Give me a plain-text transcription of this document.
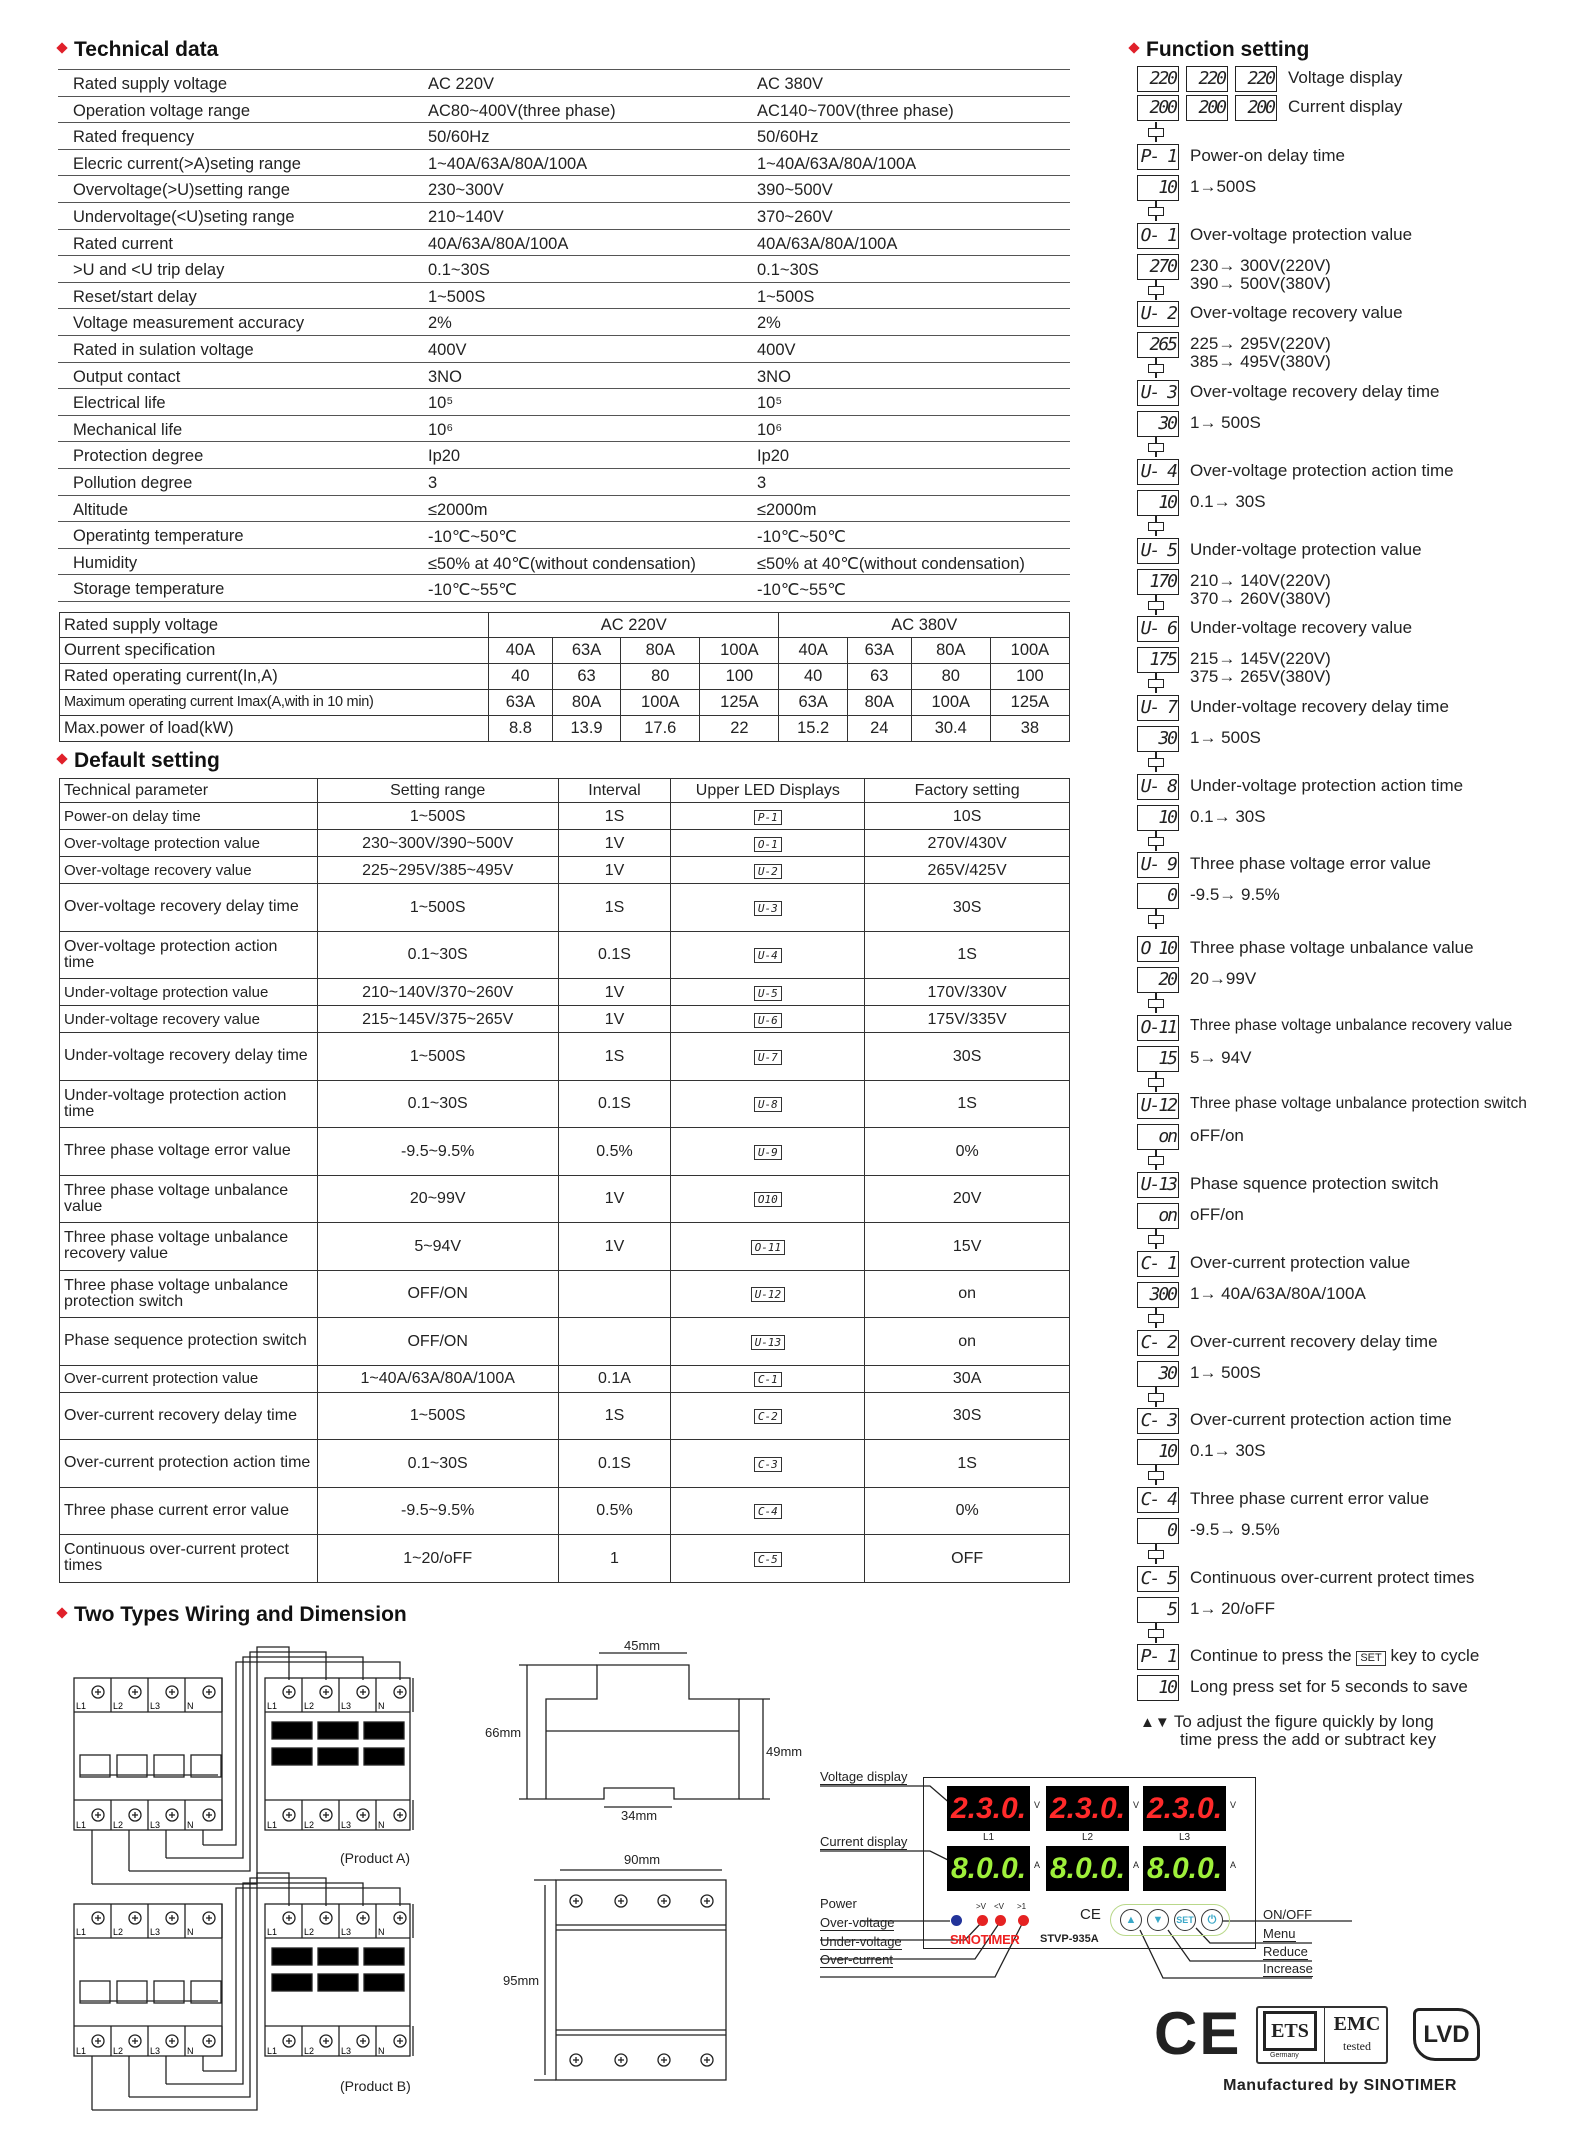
Technical data
Rated supply voltage	AC 220V	AC 380V
Operation voltage range	AC80~400V(three phase)	AC140~700V(three phase)
Rated frequency	50/60Hz	50/60Hz
Elecric current(>A)seting range	1~40A/63A/80A/100A	1~40A/63A/80A/100A
Overvoltage(>U)setting range	230~300V	390~500V
Undervoltage(<U)seting range	210~140V	370~260V
Rated current	40A/63A/80A/100A	40A/63A/80A/100A
>U and <U trip delay	0.1~30S	0.1~30S
Reset/start delay	1~500S	1~500S
Voltage measurement accuracy	2%	2%
Rated in sulation voltage	400V	400V
Output contact	3NO	3NO
Electrical life	10⁵	10⁵
Mechanical life	10⁶	10⁶
Protection degree	Ip20	Ip20
Pollution degree	3	3
Altitude	≤2000m	≤2000m
Operatintg temperature	-10℃~50℃	-10℃~50℃
Humidity	≤50% at 40℃(without condensation)	≤50% at 40℃(without condensation)
Storage temperature	-10℃~55℃	-10℃~55℃
Rated supply voltage	AC 220V				AC 380V			
Ourrent specification	40A	63A	80A	100A	40A	63A	80A	100A
Rated operating current(In,A)	40	63	80	100	40	63	80	100
Maximum operating current Imax(A,with in 10 min)	63A	80A	100A	125A	63A	80A	100A	125A
Max.power of load(kW)	8.8	13.9	17.6	22	15.2	24	30.4	38
Default setting
Technical parameter	Setting range	Interval	Upper LED Displays	Factory setting
Power-on delay time	1~500S	1S	P-1	10S
Over-voltage protection value	230~300V/390~500V	1V	O-1	270V/430V
Over-voltage recovery value	225~295V/385~495V	1V	U-2	265V/425V
Over-voltage recovery delay time	1~500S	1S	U-3	30S
Over-voltage protection action time	0.1~30S	0.1S	U-4	1S
Under-voltage protection value	210~140V/370~260V	1V	U-5	170V/330V
Under-voltage recovery value	215~145V/375~265V	1V	U-6	175V/335V
Under-voltage recovery delay time	1~500S	1S	U-7	30S
Under-voltage protection action time	0.1~30S	0.1S	U-8	1S
Three phase voltage error value	-9.5~9.5%	0.5%	U-9	0%
Three phase voltage unbalance value	20~99V	1V	O10	20V
Three phase voltage unbalance recovery value	5~94V	1V	O-11	15V
Three phase voltage unbalance protection switch	OFF/ON		U-12	on
Phase sequence protection switch	OFF/ON		U-13	on
Over-current protection value	1~40A/63A/80A/100A	0.1A	C-1	30A
Over-current recovery delay time	1~500S	1S	C-2	30S
Over-current protection action time	0.1~30S	0.1S	C-3	1S
Three phase current error value	-9.5~9.5%	0.5%	C-4	0%
Continuous over-current protect times	1~20/oFF	1	C-5	OFF
Two Types Wiring and Dimension
L1
L1
L2
L2
L3
L3
N
N
L1
L1
L2
L2
L3
L3
N
N
L1
L1
L2
L2
L3
L3
N
N
L1
L1
L2
L2
L3
L3
N
N
(Product A)
(Product B)
45mm
66mm
49mm
34mm
90mm
95mm
Function setting
220
200
220
200
220
200
Voltage display
Current display
P- 1 Power-on delay time
10 1→500S
O- 1 Over-voltage protection value
270 230→ 300V(220V)
390→ 500V(380V)
U- 2 Over-voltage recovery value
265 225→ 295V(220V)
385→ 495V(380V)
U- 3 Over-voltage recovery delay time
30 1→ 500S
U- 4 Over-voltage protection action time
10 0.1→ 30S
U- 5 Under-voltage protection value
170 210→ 140V(220V)
370→ 260V(380V)
U- 6 Under-voltage recovery value
175 215→ 145V(220V)
375→ 265V(380V)
U- 7 Under-voltage recovery delay time
30 1→ 500S
U- 8 Under-voltage protection action time
10 0.1→ 30S
U- 9 Three phase voltage error value
0 -9.5→ 9.5%
O 10 Three phase voltage unbalance value
20 20→99V
O-11 Three phase voltage unbalance recovery value
15 5→ 94V
U-12 Three phase voltage unbalance protection switch
on oFF/on
U-13 Phase squence protection switch
on oFF/on
C- 1 Over-current protection value
300 1→ 40A/63A/80A/100A
C- 2 Over-current recovery delay time
30 1→ 500S
C- 3 Over-current protection action time
10 0.1→ 30S
C- 4 Three phase current error value
0 -9.5→ 9.5%
C- 5 Continuous over-current protect times
5 1→ 20/oFF
P- 1 Continue to press the SET key to cycle
10 Long press set for 5 seconds to save
▲▼ To adjust the figure quickly by long
time press the add or subtract key
2.3.0.
8.0.0.
L1
V
A
2.3.0.
8.0.0.
L2
V
A
2.3.0.
8.0.0.
L3
V
A
>V <V >1
SINOTIMER STVP-935A
CE	▲	▼	SET	⏻
Voltage display
Current display
Power
Over-voltage
Under-voltage
Over-current
ON/OFF
Menu
Reduce
Increase
CE	ETS
Germany
EMC
tested	LVD
Manufactured by SINOTIMER
